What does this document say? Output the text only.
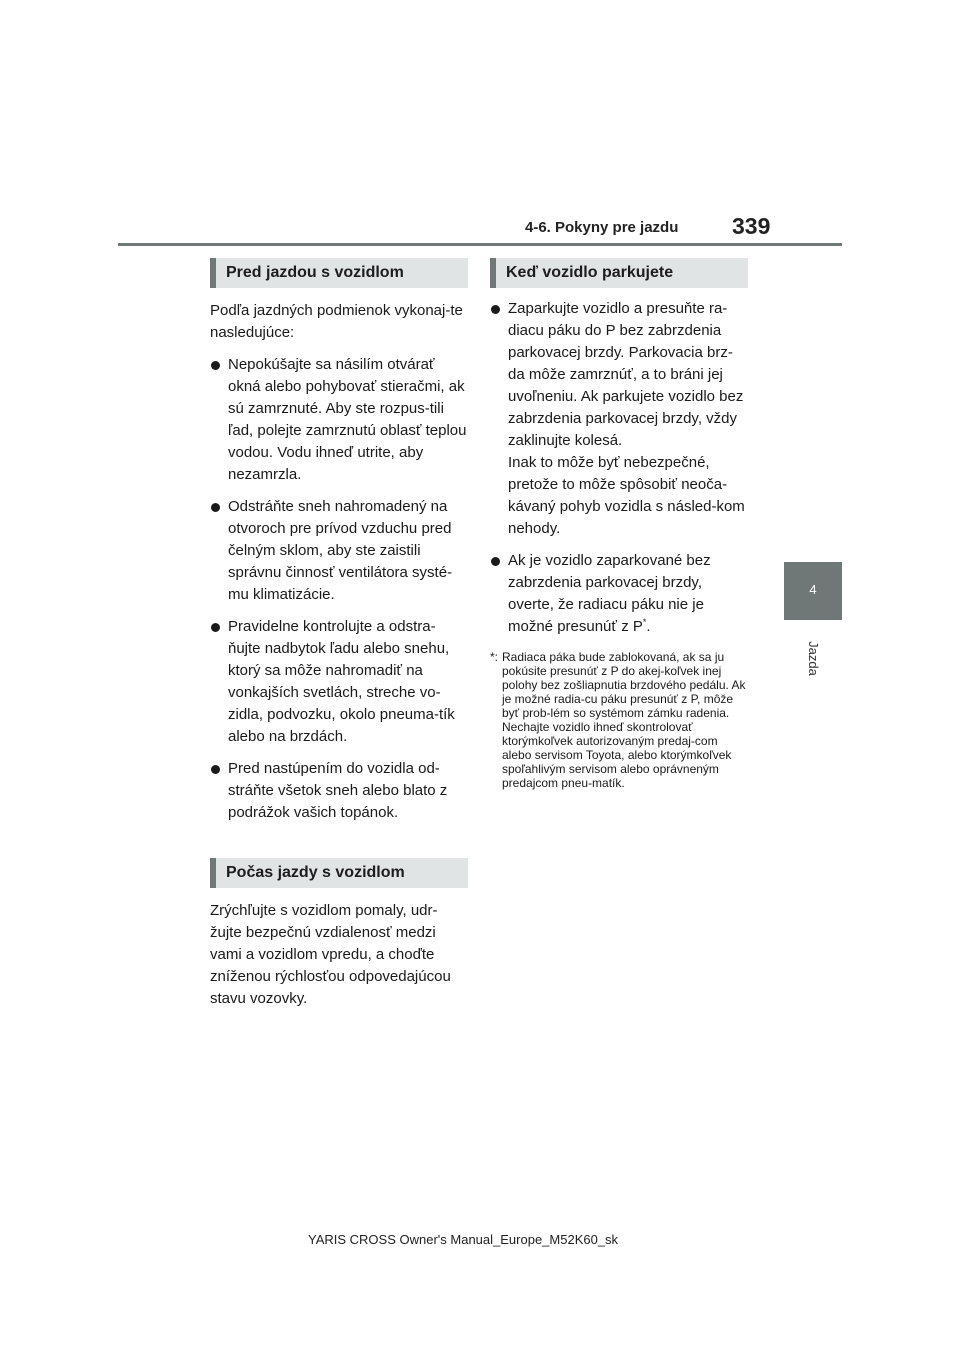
4-6. Pokyny pre jazdu 339
4
Jazda
Pred jazdou s vozidlom

Podľa jazdných podmienok vykonaj-te nasledujúce:

Nepokúšajte sa násilím otvárať okná alebo pohybovať stieračmi, ak sú zamrznuté. Aby ste rozpus-tili ľad, polejte zamrznutú oblasť teplou vodou. Vodu ihneď utrite, aby nezamrzla.
Odstráňte sneh nahromadený na otvoroch pre prívod vzduchu pred čelným sklom, aby ste zaistili správnu činnosť ventilátora systé-mu klimatizácie.
Pravidelne kontrolujte a odstra-ňujte nadbytok ľadu alebo snehu, ktorý sa môže nahromadiť na vonkajších svetlách, streche vo-zidla, podvozku, okolo pneuma-tík alebo na brzdách.
Pred nastúpením do vozidla od-stráňte všetok sneh alebo blato z podrážok vašich topánok.
Počas jazdy s vozidlom

Zrýchľujte s vozidlom pomaly, udr-žujte bezpečnú vzdialenosť medzi vami a vozidlom vpredu, a choďte zníženou rýchlosťou odpovedajúcou stavu vozovky.

Keď vozidlo parkujete
Zaparkujte vozidlo a presuňte ra-diacu páku do P bez zabrzdenia parkovacej brzdy. Parkovacia brz-da môže zamrznúť, a to bráni jej uvoľneniu. Ak parkujete vozidlo bez zabrzdenia parkovacej brzdy, vždy zaklinujte kolesá.
Inak to môže byť nebezpečné, pretože to môže spôsobiť neoča-kávaný pohyb vozidla s násled-kom nehody.
Ak je vozidlo zaparkované bez zabrzdenia parkovacej brzdy, overte, že radiacu páku nie je možné presunúť z P*.
*: Radiaca páka bude zablokovaná, ak sa ju pokúsite presunúť z P do akej-koľvek inej polohy bez zošliapnutia brzdového pedálu. Ak je možné radia-cu páku presunúť z P, môže byť prob-lém so systémom zámku radenia. Nechajte vozidlo ihneď skontrolovať ktorýmkoľvek autorizovaným predaj-com alebo servisom Toyota, alebo ktorýmkoľvek spoľahlivým servisom alebo oprávneným predajcom pneu-matík.
YARIS CROSS Owner's Manual_Europe_M52K60_sk
